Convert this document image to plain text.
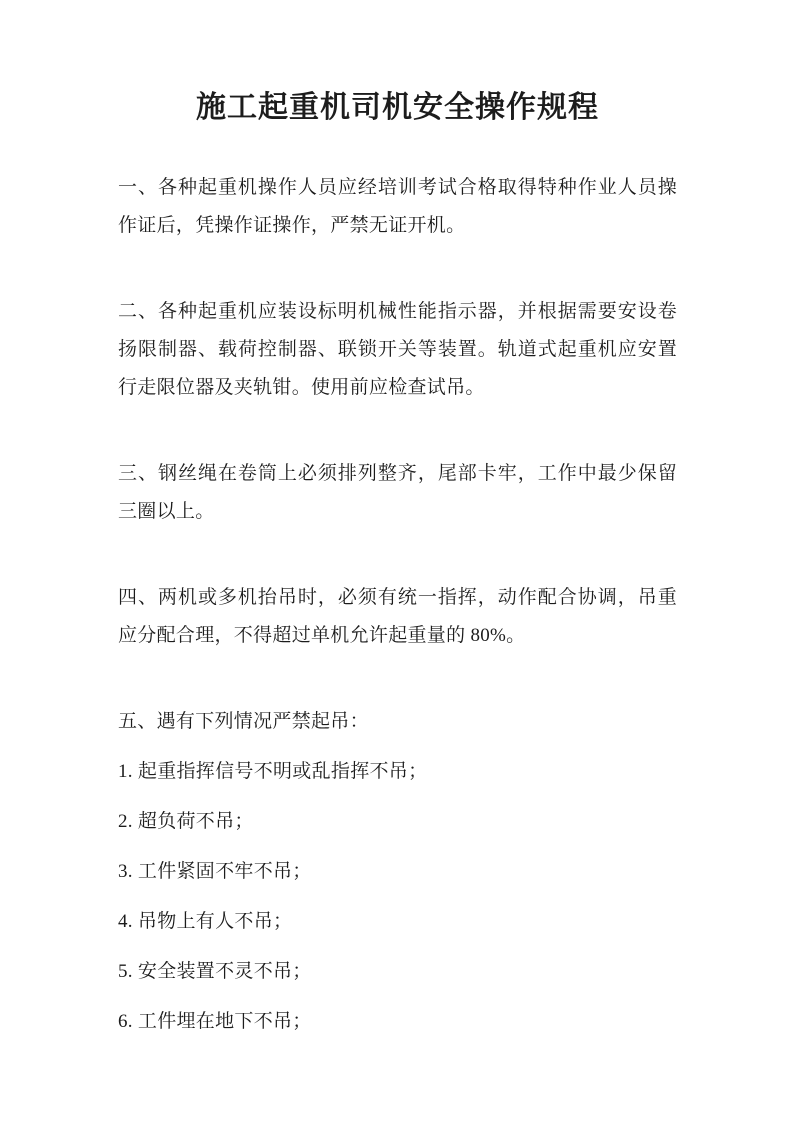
施工起重机司机安全操作规程

一、各种起重机操作人员应经培训考试合格取得特种作业人员操作证后，凭操作证操作，严禁无证开机。

二、各种起重机应装设标明机械性能指示器，并根据需要安设卷扬限制器、载荷控制器、联锁开关等装置。轨道式起重机应安置行走限位器及夹轨钳。使用前应检查试吊。

三、钢丝绳在卷筒上必须排列整齐，尾部卡牢，工作中最少保留三圈以上。

四、两机或多机抬吊时，必须有统一指挥，动作配合协调，吊重应分配合理，不得超过单机允许起重量的 80%。

五、遇有下列情况严禁起吊：

1. 起重指挥信号不明或乱指挥不吊；

2. 超负荷不吊；

3. 工件紧固不牢不吊；

4. 吊物上有人不吊；

5. 安全装置不灵不吊；

6. 工件埋在地下不吊；
